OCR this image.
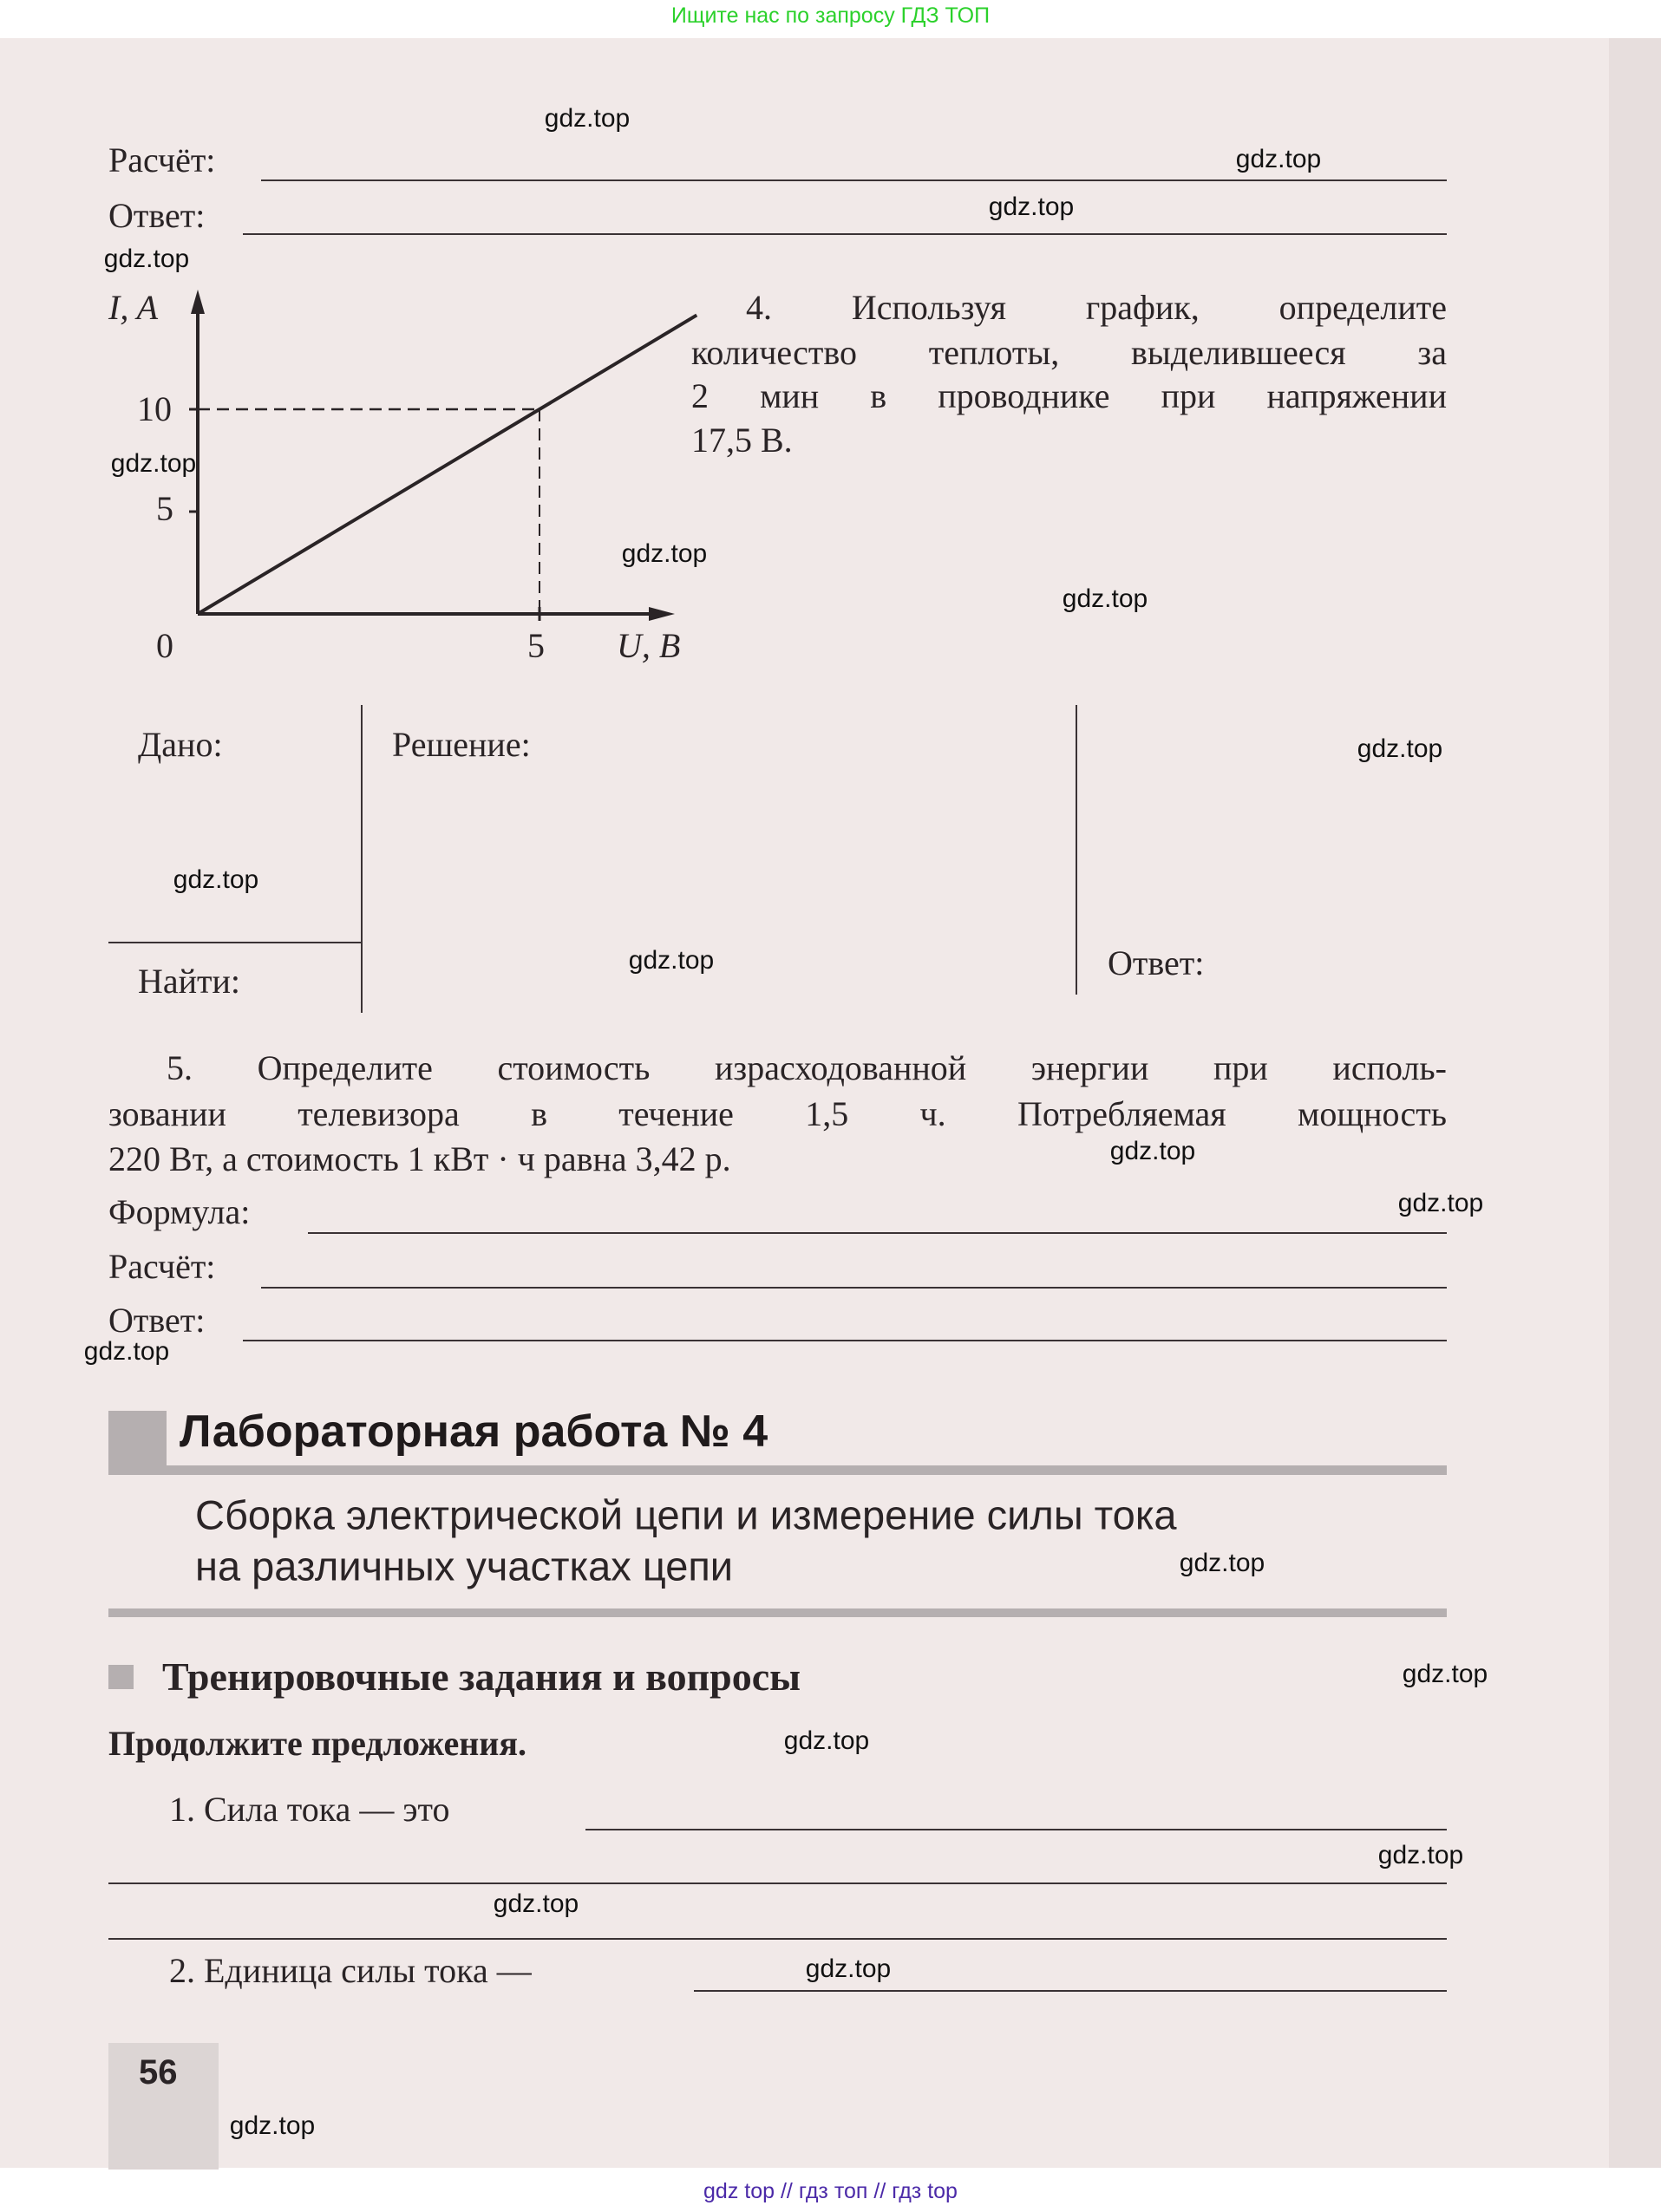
Ищите нас по запросу ГДЗ ТОП
Расчёт:
Ответ:
I, A
10
5
0	5 U, B
4. Используя график, определите
количество теплоты, выделившееся за
2 мин в проводнике при напряжении
17,5 В.
Дано:	Решение:
Найти:	Ответ:
5. Определите стоимость израсходованной энергии при исполь-
зовании телевизора в течение 1,5 ч. Потребляемая мощность
220 Вт, а стоимость 1 кВт · ч равна 3,42 р.
Формула:
Расчёт:
Ответ:
Лабораторная работа № 4
Сборка электрической цепи и измерение силы тока
на различных участках цепи
Тренировочные задания и вопросы
Продолжите предложения.
1. Сила тока — это
2. Единица силы тока —
56
gdz.top
gdz.top
gdz.top
gdz.top
gdz.top
gdz.top
gdz.top
gdz.top
gdz.top
gdz.top
gdz.top
gdz.top
gdz.top
gdz.top
gdz.top
gdz.top
gdz.top
gdz.top
gdz.top
gdz.top
gdz top // гдз топ // гдз top
